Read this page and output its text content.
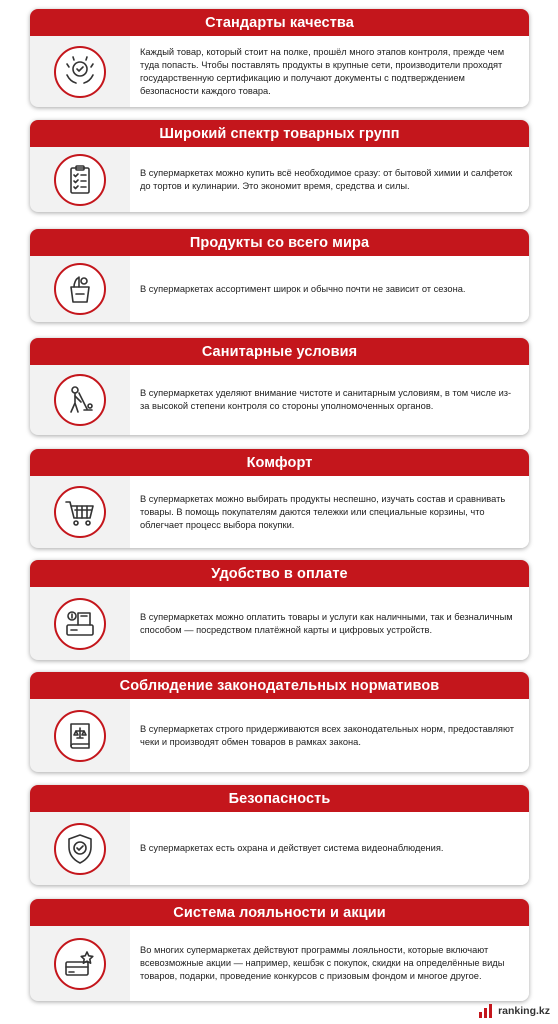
Стандарты качества
Каждый товар, который стоит на полке, прошёл много этапов контроля, прежде чем туда попасть. Чтобы поставлять продукты в крупные сети, производители проходят государственную сертификацию и получают документы с подтверждением безопасности каждого товара.
Широкий спектр товарных групп
В супермаркетах можно купить всё необходимое сразу: от бытовой химии и салфеток до тортов и кулинарии. Это экономит время, средства и силы.
Продукты со всего мира
В супермаркетах ассортимент широк и обычно почти не зависит от сезона.
Санитарные условия
В супермаркетах уделяют внимание чистоте и санитарным условиям, в том числе из-за высокой степени контроля со стороны уполномоченных органов.
Комфорт
В супермаркетах можно выбирать продукты неспешно, изучать состав и сравнивать товары. В помощь покупателям даются тележки или специальные корзины, что облегчает процесс выбора покупки.
Удобство в оплате
В супермаркетах можно оплатить товары и услуги как наличными, так и безналичным способом — посредством платёжной карты и цифровых устройств.
Соблюдение законодательных нормативов
В супермаркетах строго придерживаются всех законодательных норм, предоставляют чеки и производят обмен товаров в рамках закона.
Безопасность
В супермаркетах есть охрана и действует система видеонаблюдения.
Система лояльности и акции
Во многих супермаркетах действуют программы лояльности, которые включают всевозможные акции — например, кешбэк с покупок, скидки на определённые виды товаров, подарки, проведение конкурсов с призовым фондом и многое другое.
ranking.kz
